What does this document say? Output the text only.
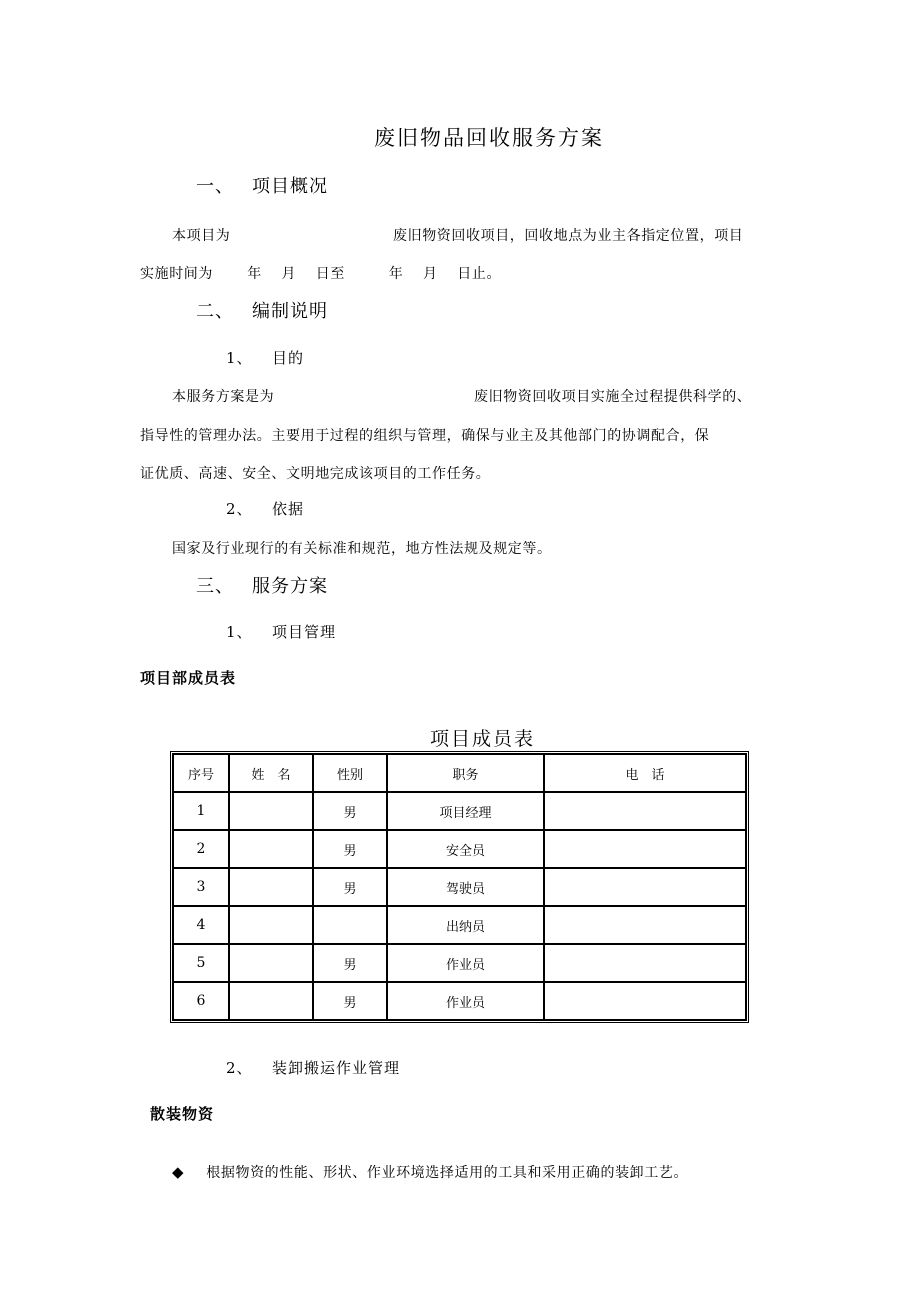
废旧物品回收服务方案
一、 项目概况
本项目为	废旧物资回收项目，回收地点为业主各指定位置，项目
实施时间为　　 年　 月　 日至　　　年　 月　 日止。
二、 编制说明
1、 目的
本服务方案是为	废旧物资回收项目实施全过程提供科学的、
指导性的管理办法。主要用于过程的组织与管理，确保与业主及其他部门的协调配合，保
证优质、高速、安全、文明地完成该项目的工作任务。
2、 依据
国家及行业现行的有关标准和规范，地方性法规及规定等。
三、 服务方案
1、 项目管理
项目部成员表
项目成员表
序号	姓　名	性别	职务	电　话
1		男	项目经理	
2		男	安全员	
3		男	驾驶员	
4			出纳员	
5		男	作业员	
6		男	作业员	
2、 装卸搬运作业管理
散装物资
◆ 根据物资的性能、形状、作业环境选择适用的工具和采用正确的装卸工艺。
